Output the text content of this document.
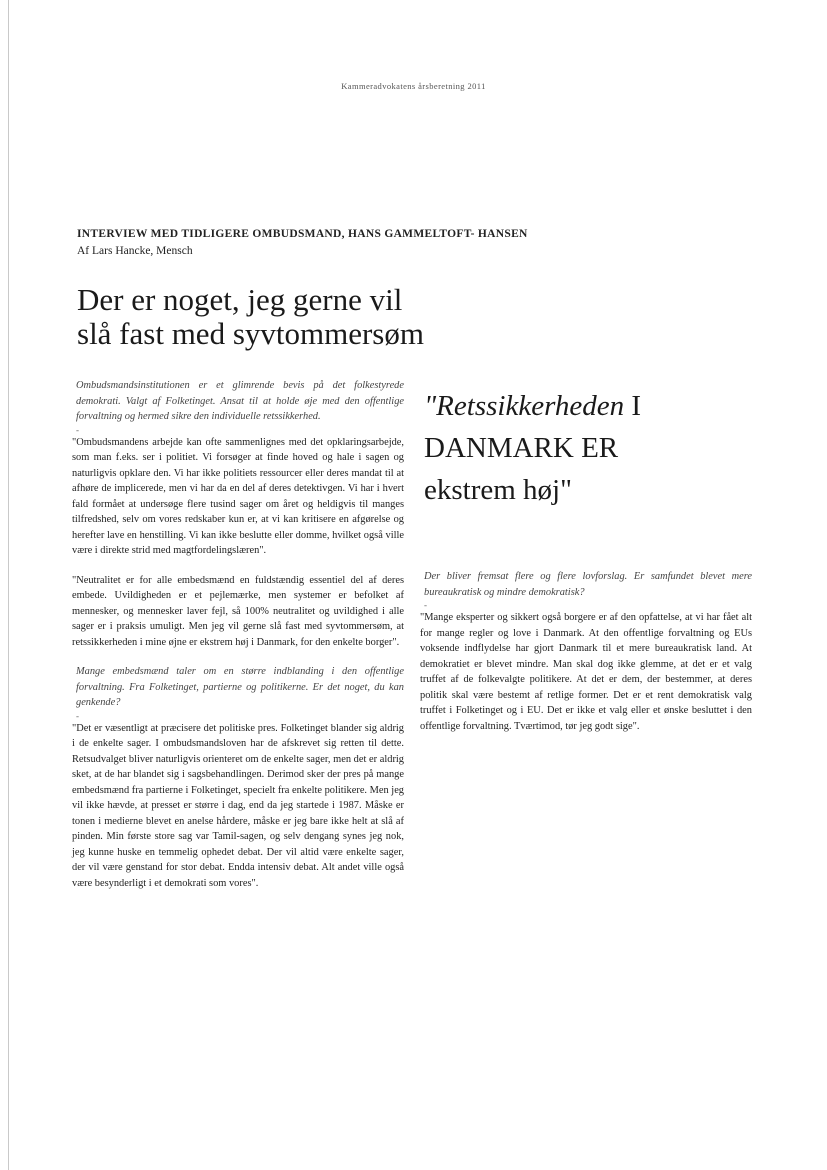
Kammeradvokatens årsberetning 2011
INTERVIEW MED TIDLIGERE OMBUDSMAND, HANS GAMMELTOFT- HANSEN
Af Lars Hancke, Mensch
Der er noget, jeg gerne vil
slå fast med syvtommersøm

Ombudsmandsinstitutionen er et glimrende bevis på det folkestyrede demokrati. Valgt af Folketinget. Ansat til at holde øje med den offentlige forvaltning og hermed sikre den individuelle retssikkerhed.

-

"Ombudsmandens arbejde kan ofte sammenlignes med det opklaringsarbejde, som man f.eks. ser i politiet. Vi forsøger at finde hoved og hale i sagen og naturligvis opklare den. Vi har ikke politiets ressourcer eller deres mandat til at afhøre de implicerede, men vi har da en del af deres detektivgen. Vi har i hvert fald formået at undersøge flere tusind sager om året og heldigvis til manges tilfredshed, selv om vores redskaber kun er, at vi kan kritisere en afgørelse og herefter lave en henstilling. Vi kan ikke beslutte eller domme, hvilket også ville være i direkte strid med magtfordelingslæren".

"Neutralitet er for alle embedsmænd en fuldstændig essentiel del af deres embede. Uvildigheden er et pejlemærke, men systemer er befolket af mennesker, og mennesker laver fejl, så 100% neutralitet og uvildighed i alle sager er i praksis umuligt. Men jeg vil gerne slå fast med syvtommersøm, at retssikkerheden i mine øjne er ekstrem høj i Danmark, for den enkelte borger".

Mange embedsmænd taler om en større indblanding i den offentlige forvaltning. Fra Folketinget, partierne og politikerne. Er det noget, du kan genkende?

-

"Det er væsentligt at præcisere det politiske pres. Folketinget blander sig aldrig i de enkelte sager. I ombudsmandsloven har de afskrevet sig retten til dette. Retsudvalget bliver naturligvis orienteret om de enkelte sager, men det er aldrig sket, at de har blandet sig i sagsbehandlingen. Derimod sker der pres på mange embedsmænd fra partierne i Folketinget, specielt fra enkelte politikere. Men jeg vil ikke hævde, at presset er større i dag, end da jeg startede i 1987. Måske er tonen i medierne blevet en anelse hårdere, måske er jeg bare ikke helt at slå af pinden. Min første store sag var Tamil-sagen, og selv dengang synes jeg nok, jeg kunne huske en temmelig ophedet debat. Der vil altid være enkelte sager, der vil være genstand for stor debat. Endda intensiv debat. Alt andet ville også være besynderligt i et demokrati som vores".

"Retssikkerheden I DANMARK ER
ekstrem høj"

Der bliver fremsat flere og flere lovforslag. Er samfundet blevet mere bureaukratisk og mindre demokratisk?

-

"Mange eksperter og sikkert også borgere er af den opfattelse, at vi har fået alt for mange regler og love i Danmark. At den offentlige forvaltning og EUs voksende indflydelse har gjort Danmark til et mere bureaukratisk land. At demokratiet er blevet mindre. Man skal dog ikke glemme, at det er et valg truffet af de folkevalgte politikere. At det er dem, der bestemmer, at deres politik skal være bestemt af retlige former. Det er et rent demokratisk valg truffet i Folketinget og i EU. Det er ikke et valg eller et ønske besluttet i den offentlige forvaltning. Tværtimod, tør jeg godt sige".
